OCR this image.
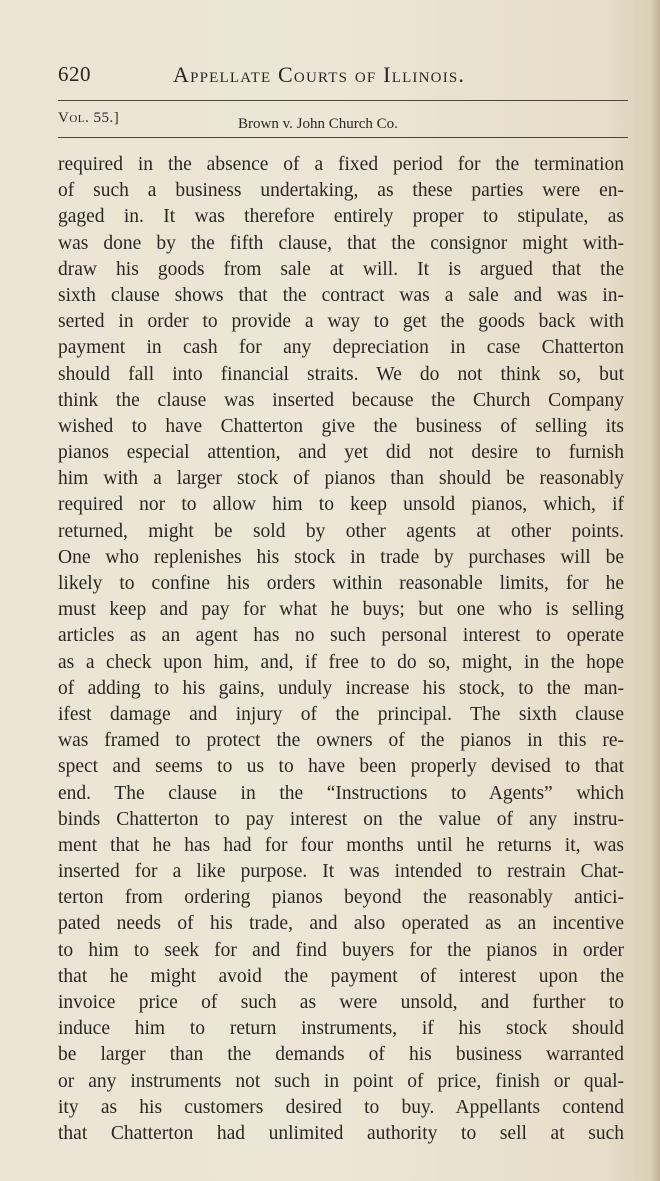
620	Appellate Courts of Illinois.
Vol. 55.]	Brown v. John Church Co.
required in the absence of a fixed period for the termination
of such a business undertaking, as these parties were en-
gaged in. It was therefore entirely proper to stipulate, as
was done by the fifth clause, that the consignor might with-
draw his goods from sale at will. It is argued that the
sixth clause shows that the contract was a sale and was in-
serted in order to provide a way to get the goods back with
payment in cash for any depreciation in case Chatterton
should fall into financial straits. We do not think so, but
think the clause was inserted because the Church Company
wished to have Chatterton give the business of selling its
pianos especial attention, and yet did not desire to furnish
him with a larger stock of pianos than should be reasonably
required nor to allow him to keep unsold pianos, which, if
returned, might be sold by other agents at other points.
One who replenishes his stock in trade by purchases will be
likely to confine his orders within reasonable limits, for he
must keep and pay for what he buys; but one who is selling
articles as an agent has no such personal interest to operate
as a check upon him, and, if free to do so, might, in the hope
of adding to his gains, unduly increase his stock, to the man-
ifest damage and injury of the principal. The sixth clause
was framed to protect the owners of the pianos in this re-
spect and seems to us to have been properly devised to that
end. The clause in the “Instructions to Agents” which
binds Chatterton to pay interest on the value of any instru-
ment that he has had for four months until he returns it, was
inserted for a like purpose. It was intended to restrain Chat-
terton from ordering pianos beyond the reasonably antici-
pated needs of his trade, and also operated as an incentive
to him to seek for and find buyers for the pianos in order
that he might avoid the payment of interest upon the
invoice price of such as were unsold, and further to
induce him to return instruments, if his stock should
be larger than the demands of his business warranted
or any instruments not such in point of price, finish or qual-
ity as his customers desired to buy. Appellants contend
that Chatterton had unlimited authority to sell at such
